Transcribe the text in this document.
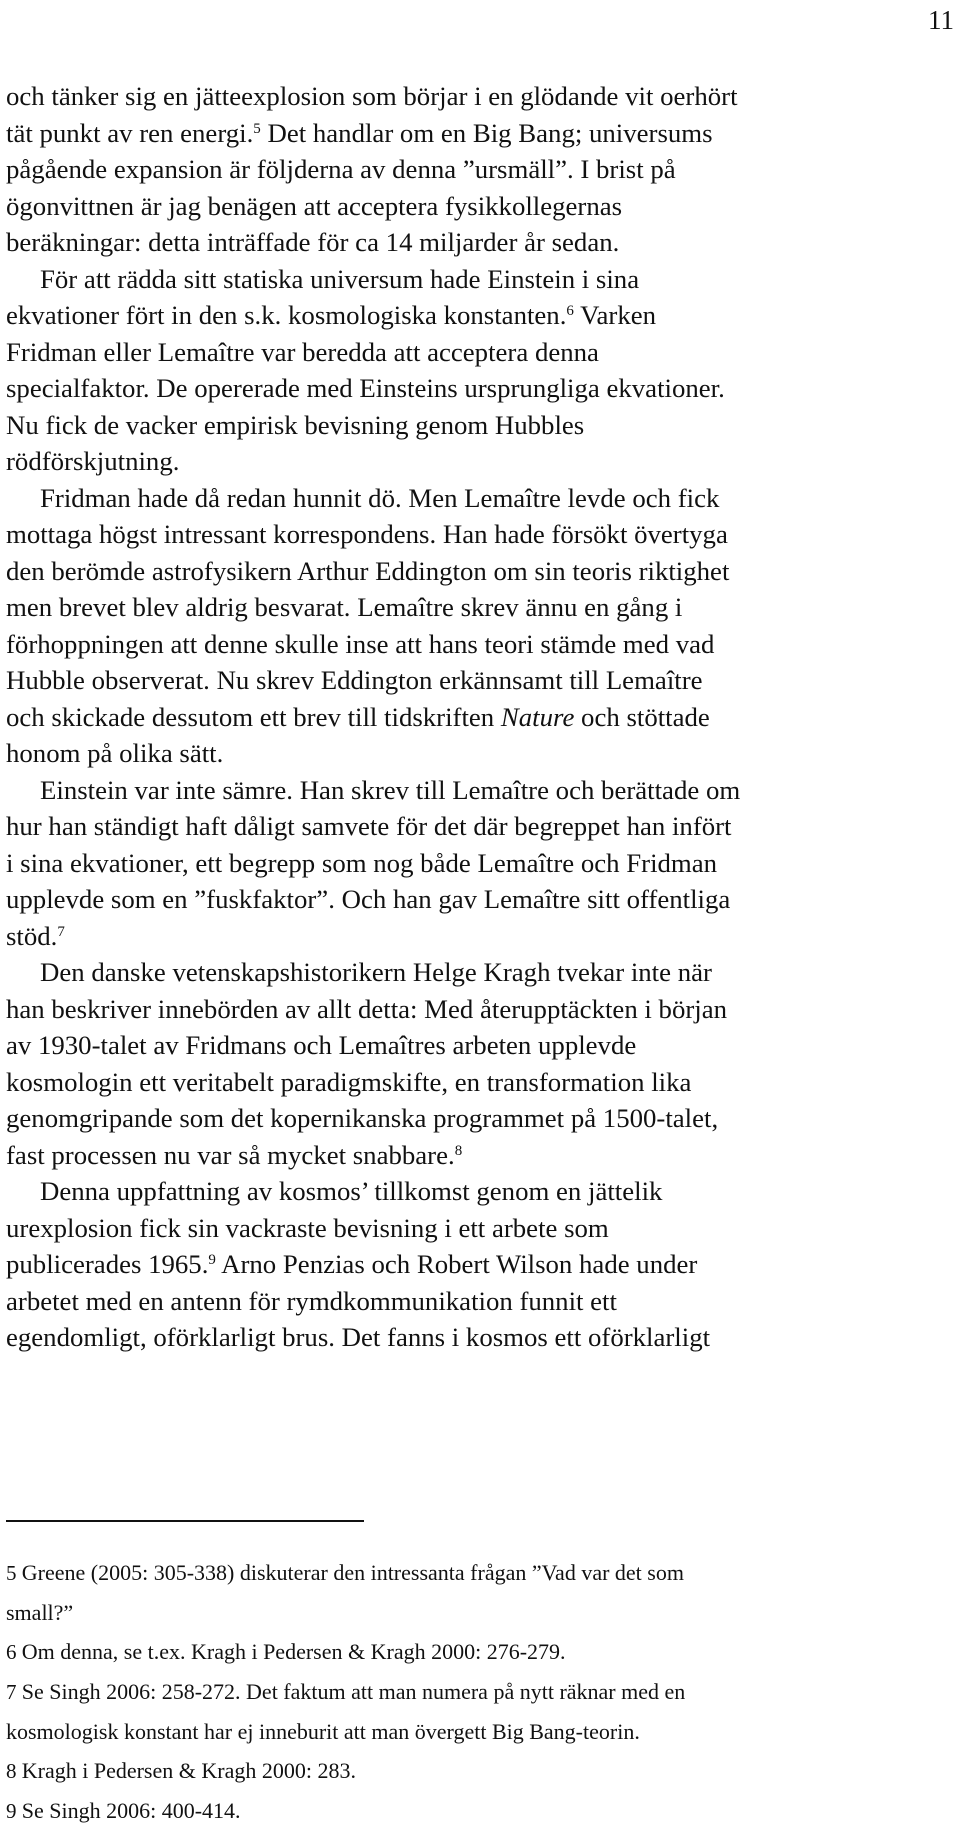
11

och tänker sig en jätteexplosion som börjar i en glödande vit oerhört
tät punkt av ren energi.$^5$ Det handlar om en Big Bang; universums
pågående expansion är följderna av denna ”ursmäll”. I brist på
ögonvittnen är jag benägen att acceptera fysikkollegernas
beräkningar: detta inträffade för ca 14 miljarder år sedan.

För att rädda sitt statiska universum hade Einstein i sina
ekvationer fört in den s.k. kosmologiska konstanten.$^6$ Varken
Fridman eller Lemaître var beredda att acceptera denna
specialfaktor. De opererade med Einsteins ursprungliga ekvationer.
Nu fick de vacker empirisk bevisning genom Hubbles
rödförskjutning.

Fridman hade då redan hunnit dö. Men Lemaître levde och fick
mottaga högst intressant korrespondens. Han hade försökt övertyga
den berömde astrofysikern Arthur Eddington om sin teoris riktighet
men brevet blev aldrig besvarat. Lemaître skrev ännu en gång i
förhoppningen att denne skulle inse att hans teori stämde med vad
Hubble observerat. Nu skrev Eddington erkännsamt till Lemaître
och skickade dessutom ett brev till tidskriften Nature och stöttade
honom på olika sätt.

Einstein var inte sämre. Han skrev till Lemaître och berättade om
hur han ständigt haft dåligt samvete för det där begreppet han infört
i sina ekvationer, ett begrepp som nog både Lemaître och Fridman
upplevde som en ”fuskfaktor”. Och han gav Lemaître sitt offentliga
stöd.$^7$

Den danske vetenskapshistorikern Helge Kragh tvekar inte när
han beskriver innebörden av allt detta: Med återupptäckten i början
av 1930-talet av Fridmans och Lemaîtres arbeten upplevde
kosmologin ett veritabelt paradigmskifte, en transformation lika
genomgripande som det kopernikanska programmet på 1500-talet,
fast processen nu var så mycket snabbare.$^8$

Denna uppfattning av kosmos’ tillkomst genom en jättelik
urexplosion fick sin vackraste bevisning i ett arbete som
publicerades 1965.$^9$ Arno Penzias och Robert Wilson hade under
arbetet med en antenn för rymdkommunikation funnit ett
egendomligt, oförklarligt brus. Det fanns i kosmos ett oförklarligt

5 Greene (2005: 305-338) diskuterar den intressanta frågan ”Vad var det som
small?”

6 Om denna, se t.ex. Kragh i Pedersen & Kragh 2000: 276-279.

7 Se Singh 2006: 258-272. Det faktum att man numera på nytt räknar med en
kosmologisk konstant har ej inneburit att man övergett Big Bang-teorin.

8 Kragh i Pedersen & Kragh 2000: 283.

9 Se Singh 2006: 400-414.
